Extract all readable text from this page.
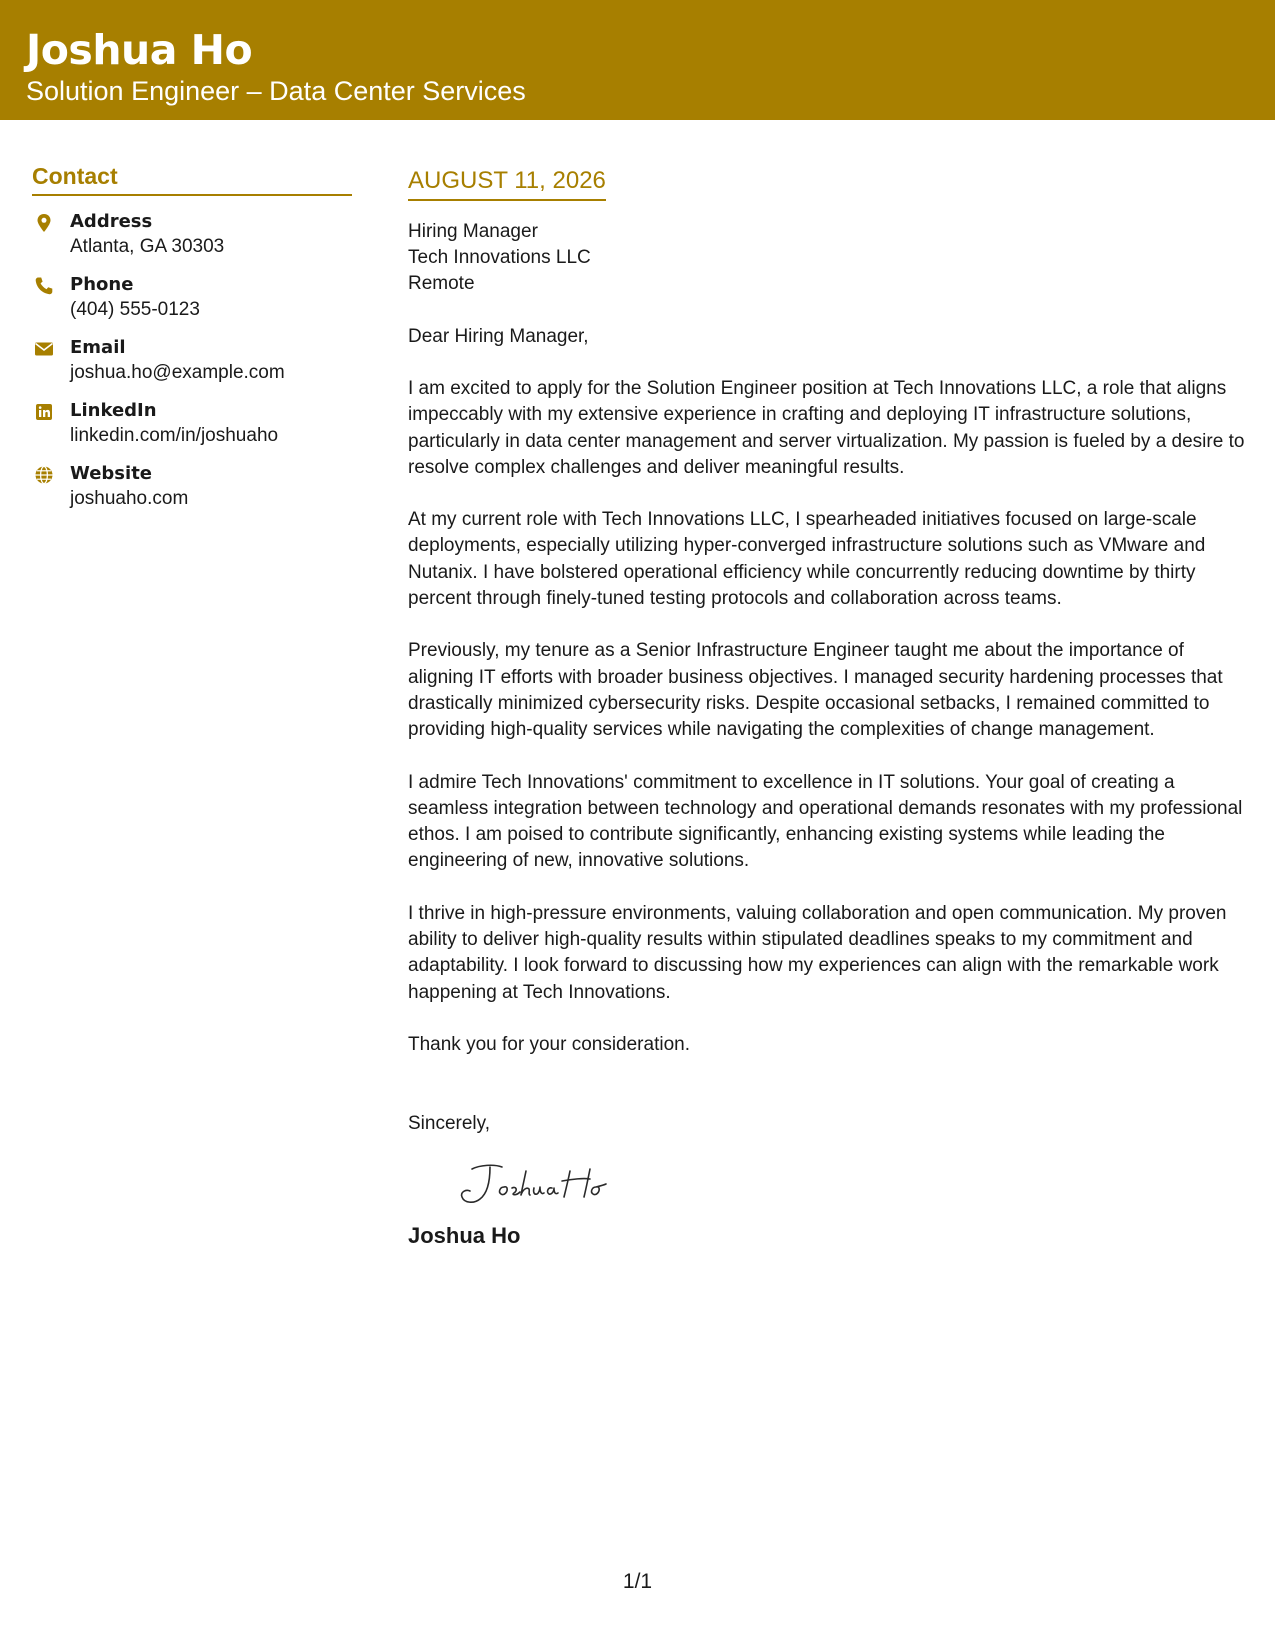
Joshua Ho
Solution Engineer – Data Center Services
Contact
Address
Atlanta, GA 30303
Phone
(404) 555-0123
Email
joshua.ho@example.com
LinkedIn
linkedin.com/in/joshuaho
Website
joshuaho.com
AUGUST 11, 2026
Hiring Manager
Tech Innovations LLC
Remote
Dear Hiring Manager,

I am excited to apply for the Solution Engineer position at Tech Innovations LLC, a role that aligns impeccably with my extensive experience in crafting and deploying IT infrastructure solutions, particularly in data center management and server virtualization. My passion is fueled by a desire to resolve complex challenges and deliver meaningful results.

At my current role with Tech Innovations LLC, I spearheaded initiatives focused on large-scale deployments, especially utilizing hyper-converged infrastructure solutions such as VMware and Nutanix. I have bolstered operational efficiency while concurrently reducing downtime by thirty percent through finely-tuned testing protocols and collaboration across teams.

Previously, my tenure as a Senior Infrastructure Engineer taught me about the importance of aligning IT efforts with broader business objectives. I managed security hardening processes that drastically minimized cybersecurity risks. Despite occasional setbacks, I remained committed to providing high-quality services while navigating the complexities of change management.

I admire Tech Innovations' commitment to excellence in IT solutions. Your goal of creating a seamless integration between technology and operational demands resonates with my professional ethos. I am poised to contribute significantly, enhancing existing systems while leading the engineering of new, innovative solutions.

I thrive in high-pressure environments, valuing collaboration and open communication. My proven ability to deliver high-quality results within stipulated deadlines speaks to my commitment and adaptability. I look forward to discussing how my experiences can align with the remarkable work happening at Tech Innovations.

Thank you for your consideration.
Sincerely,
Joshua Ho
1/1
